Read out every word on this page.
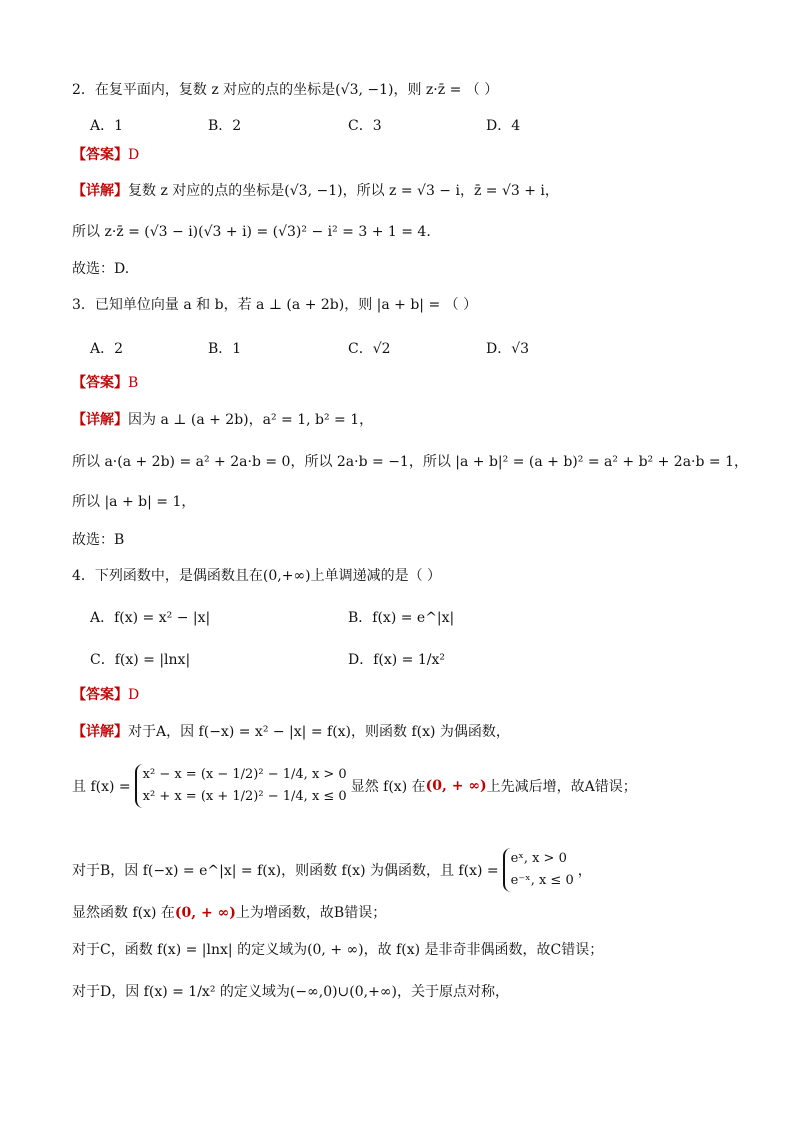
2．在复平面内，复数 z 对应的点的坐标是(√3, −1)，则 z·z̄ = （ ）
A．1	B．2	C．3	D．4
【答案】D
【详解】复数 z 对应的点的坐标是(√3, −1)，所以 z = √3 − i，z̄ = √3 + i，
所以 z·z̄ = (√3 − i)(√3 + i) = (√3)² − i² = 3 + 1 = 4.
故选：D.
3．已知单位向量 a 和 b，若 a ⊥ (a + 2b)，则 |a + b| = （ ）
A．2	B．1	C．√2	D．√3
【答案】B
【详解】因为 a ⊥ (a + 2b)，a² = 1, b² = 1，
所以 a·(a + 2b) = a² + 2a·b = 0，所以 2a·b = −1，所以 |a + b|² = (a + b)² = a² + b² + 2a·b = 1，
所以 |a + b| = 1，
故选：B
4．下列函数中，是偶函数且在(0,+∞)上单调递减的是（ ）
A．f(x) = x² − |x|	B．f(x) = e^|x|
C．f(x) = |lnx|	D．f(x) = 1/x²
【答案】D
【详解】对于A，因 f(−x) = x² − |x| = f(x)，则函数 f(x) 为偶函数，
且 f(x) =
x² − x = (x − 1/2)² − 1/4, x > 0
x² + x = (x + 1/2)² − 1/4, x ≤ 0
显然 f(x) 在 (0, + ∞) 上先减后增，故A错误；
对于B，因 f(−x) = e^|x| = f(x)，则函数 f(x) 为偶函数，且 f(x) =
eˣ, x > 0
e⁻ˣ, x ≤ 0
，
显然函数 f(x) 在(0, + ∞)上为增函数，故B错误；
对于C，函数 f(x) = |lnx| 的定义域为(0, + ∞)，故 f(x) 是非奇非偶函数，故C错误；
对于D，因 f(x) = 1/x² 的定义域为(−∞,0)∪(0,+∞)，关于原点对称，
